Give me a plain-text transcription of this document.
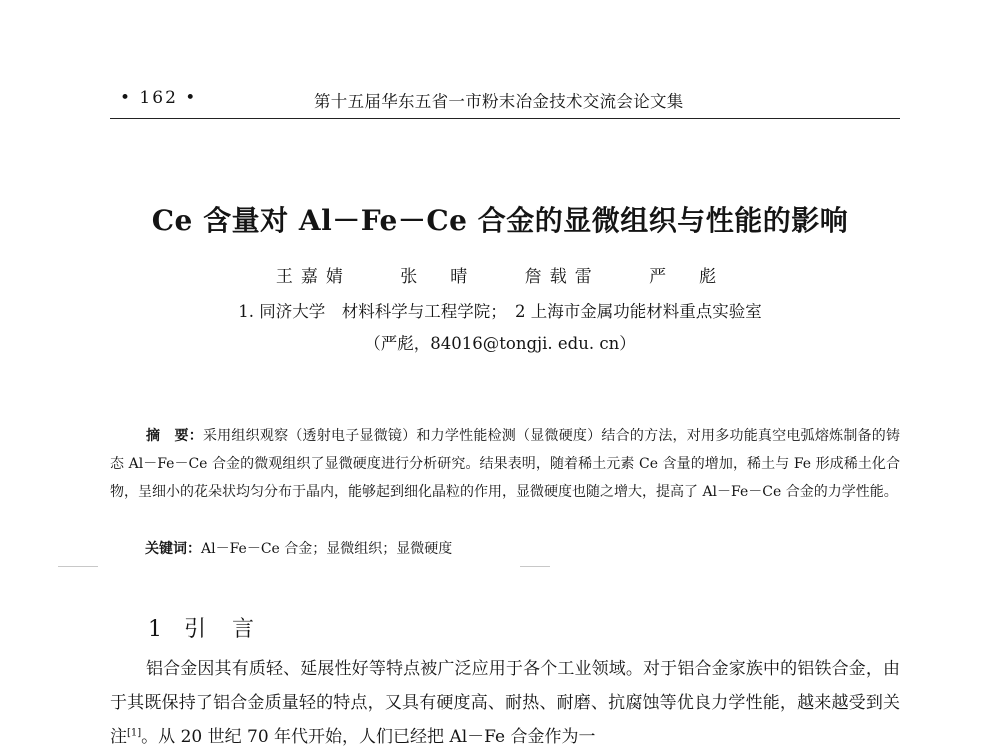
• 162 •	第十五届华东五省一市粉末冶金技术交流会论文集
Ce 含量对 Al－Fe－Ce 合金的显微组织与性能的影响
王嘉婧	张　晴	詹载雷	严　彪
1. 同济大学　材料科学与工程学院；　2 上海市金属功能材料重点实验室
（严彪，84016@tongji. edu. cn）
摘　要：采用组织观察（透射电子显微镜）和力学性能检测（显微硬度）结合的方法，对用多功能真空电弧熔炼制备的铸态 Al－Fe－Ce 合金的微观组织了显微硬度进行分析研究。结果表明，随着稀土元素 Ce 含量的增加，稀土与 Fe 形成稀土化合物，呈细小的花朵状均匀分布于晶内，能够起到细化晶粒的作用，显微硬度也随之增大，提高了 Al－Fe－Ce 合金的力学性能。
关键词：Al－Fe－Ce 合金；显微组织；显微硬度
1 引言
铝合金因其有质轻、延展性好等特点被广泛应用于各个工业领域。对于铝合金家族中的铝铁合金，由于其既保持了铝合金质量轻的特点，又具有硬度高、耐热、耐磨、抗腐蚀等优良力学性能，越来越受到关注[1]。从 20 世纪 70 年代开始，人们已经把 Al－Fe 合金作为一
